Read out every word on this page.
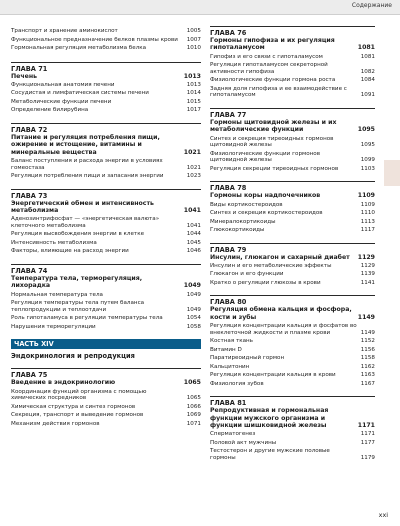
Содержание
Транспорт и хранение аминокислот	1005
Функциональное предназначение белков плазмы крови	1007
Гормональная регуляция метаболизма белка	1010
ГЛАВА 71
Печень	1013
Функциональная анатомия печени	1013
Сосудистая и лимфатическая системы печени	1014
Метаболические функции печени	1015
Определение билирубина	1017
ГЛАВА 72
Питание и регуляция потребления пищи, ожирение и истощение, витамины и минеральные вещества	1021
Баланс поступления и расхода энергии в условиях гомеостаза	1021
Регуляция потребления пищи и запасания энергии	1023
ГЛАВА 73
Энергетический обмен и интенсивность метаболизма	1041
Аденозинтрифосфат — «энергетическая валюта» клеточного метаболизма	1041
Регуляция высвобождения энергии в клетке	1044
Интенсивность метаболизма	1045
Факторы, влияющие на расход энергии	1046
ГЛАВА 74
Температура тела, терморегуляция, лихорадка	1049
Нормальная температура тела	1049
Регуляция температуры тела путем баланса теплопродукции и теплоотдачи	1049
Роль гипоталамуса в регуляции температуры тела	1054
Нарушения терморегуляции	1058
ЧАСТЬ XIV
Эндокринология и репродукция
ГЛАВА 75
Введение в эндокринологию	1065
Координация функций организма с помощью химических посредников	1065
Химическая структура и синтез гормонов	1066
Секреция, транспорт и выведение гормонов	1069
Механизм действия гормонов	1071
ГЛАВА 76
Гормоны гипофиза и их регуляция гипоталамусом	1081
Гипофиз и его связи с гипоталамусом	1081
Регуляция гипоталамусом секреторной активности гипофиза	1082
Физиологические функции гормона роста	1084
Задняя доля гипофиза и ее взаимодействие с гипоталамусом	1091
ГЛАВА 77
Гормоны щитовидной железы и их метаболические функции	1095
Синтез и секреция тиреоидных гормонов щитовидной железы	1095
Физиологические функции гормонов щитовидной железы	1099
Регуляция секреции тиреоидных гормонов	1103
ГЛАВА 78
Гормоны коры надпочечников	1109
Виды кортикостероидов	1109
Синтез и секреция кортикостероидов	1110
Минералокортикоиды	1113
Глюкокортикоиды	1117
ГЛАВА 79
Инсулин, глюкагон и сахарный диабет	1129
Инсулин и его метаболические эффекты	1129
Глюкагон и его функции	1139
Кратко о регуляции глюкозы в крови	1141
ГЛАВА 80
Регуляция обмена кальция и фосфора, кости и зубы	1149
Регуляция концентрации кальция и фосфатов во внеклеточной жидкости и плазме крови	1149
Костная ткань	1152
Витамин D	1156
Паратиреоидный гормон	1158
Кальцитонин	1162
Регуляция концентрации кальция в крови	1163
Физиология зубов	1167
ГЛАВА 81
Репродуктивная и гормональная функции мужского организма и функции шишковидной железы	1171
Сперматогенез	1171
Половой акт мужчины	1177
Тестостерон и другие мужские половые гормоны	1179
xxi
